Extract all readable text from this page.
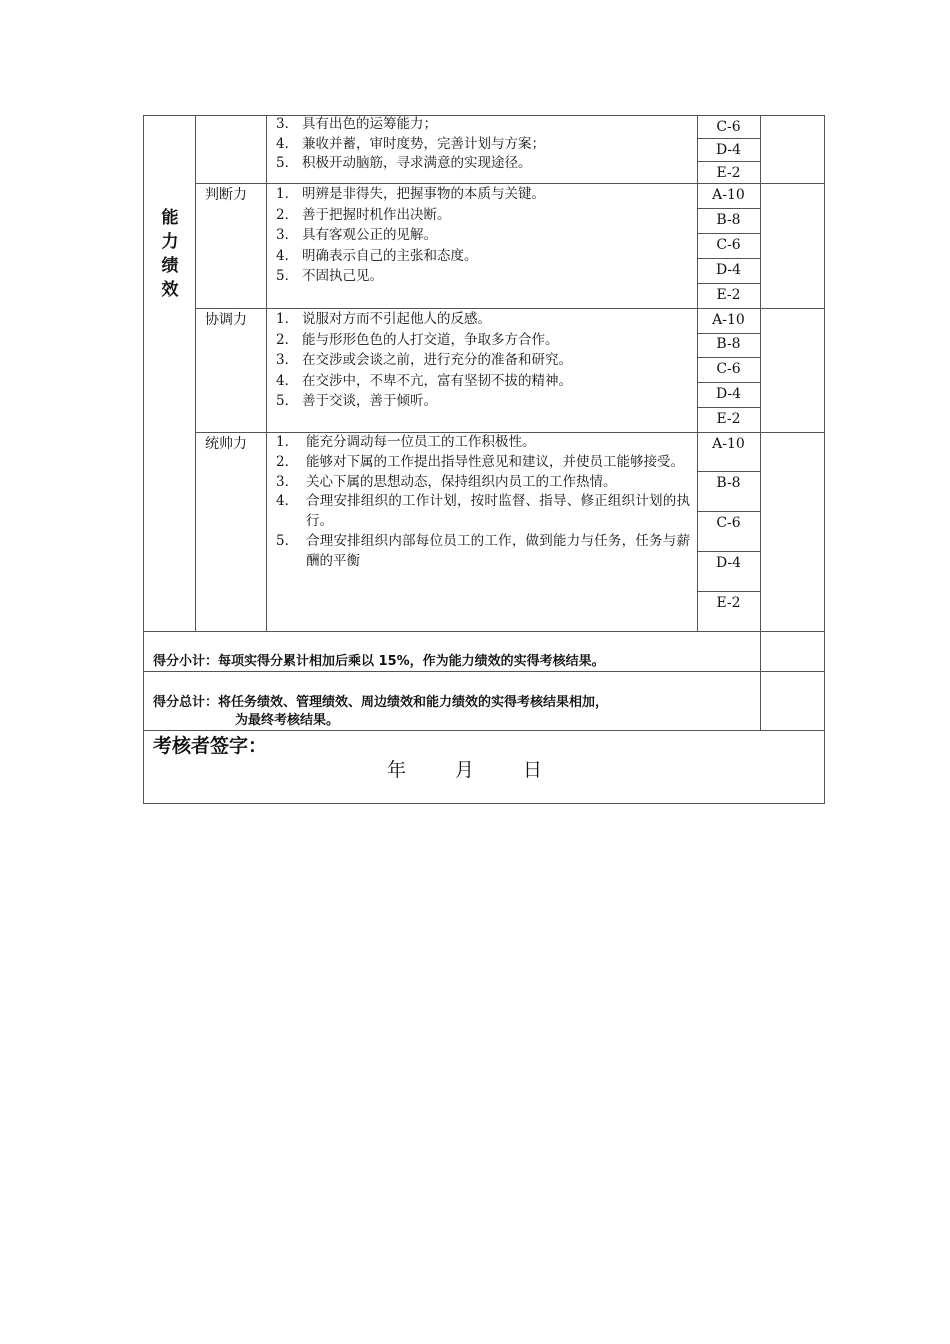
能
力
绩
效
3． 具有出色的运筹能力；
4． 兼收并蓄，审时度势，完善计划与方案；
5． 积极开动脑筋，寻求满意的实现途径。
C-6
D-4
E-2
判断力 1． 明辨是非得失，把握事物的本质与关键。
2． 善于把握时机作出决断。
3． 具有客观公正的见解。
4． 明确表示自己的主张和态度。
5． 不固执己见。
A-10
B-8
C-6
D-4
E-2
协调力 1． 说服对方而不引起他人的反感。
2． 能与形形色色的人打交道，争取多方合作。
3． 在交涉或会谈之前，进行充分的准备和研究。
4． 在交涉中，不卑不亢，富有坚韧不拔的精神。
5． 善于交谈，善于倾听。
A-10
B-8
C-6
D-4
E-2
统帅力 1． 能充分调动每一位员工的工作积极性。
2． 能够对下属的工作提出指导性意见和建议，并使员工能够接受。
3． 关心下属的思想动态，保持组织内员工的工作热情。
4． 合理安排组织的工作计划，按时监督、指导、修正组织计划的执行。
5． 合理安排组织内部每位员工的工作，做到能力与任务，任务与薪酬的平衡
A-10
B-8
C-6
D-4
E-2
得分小计：每项实得分累计相加后乘以 15%，作为能力绩效的实得考核结果。
得分总计：将任务绩效、管理绩效、周边绩效和能力绩效的实得考核结果相加，
为最终考核结果。
考核者签字：
年	月	日
